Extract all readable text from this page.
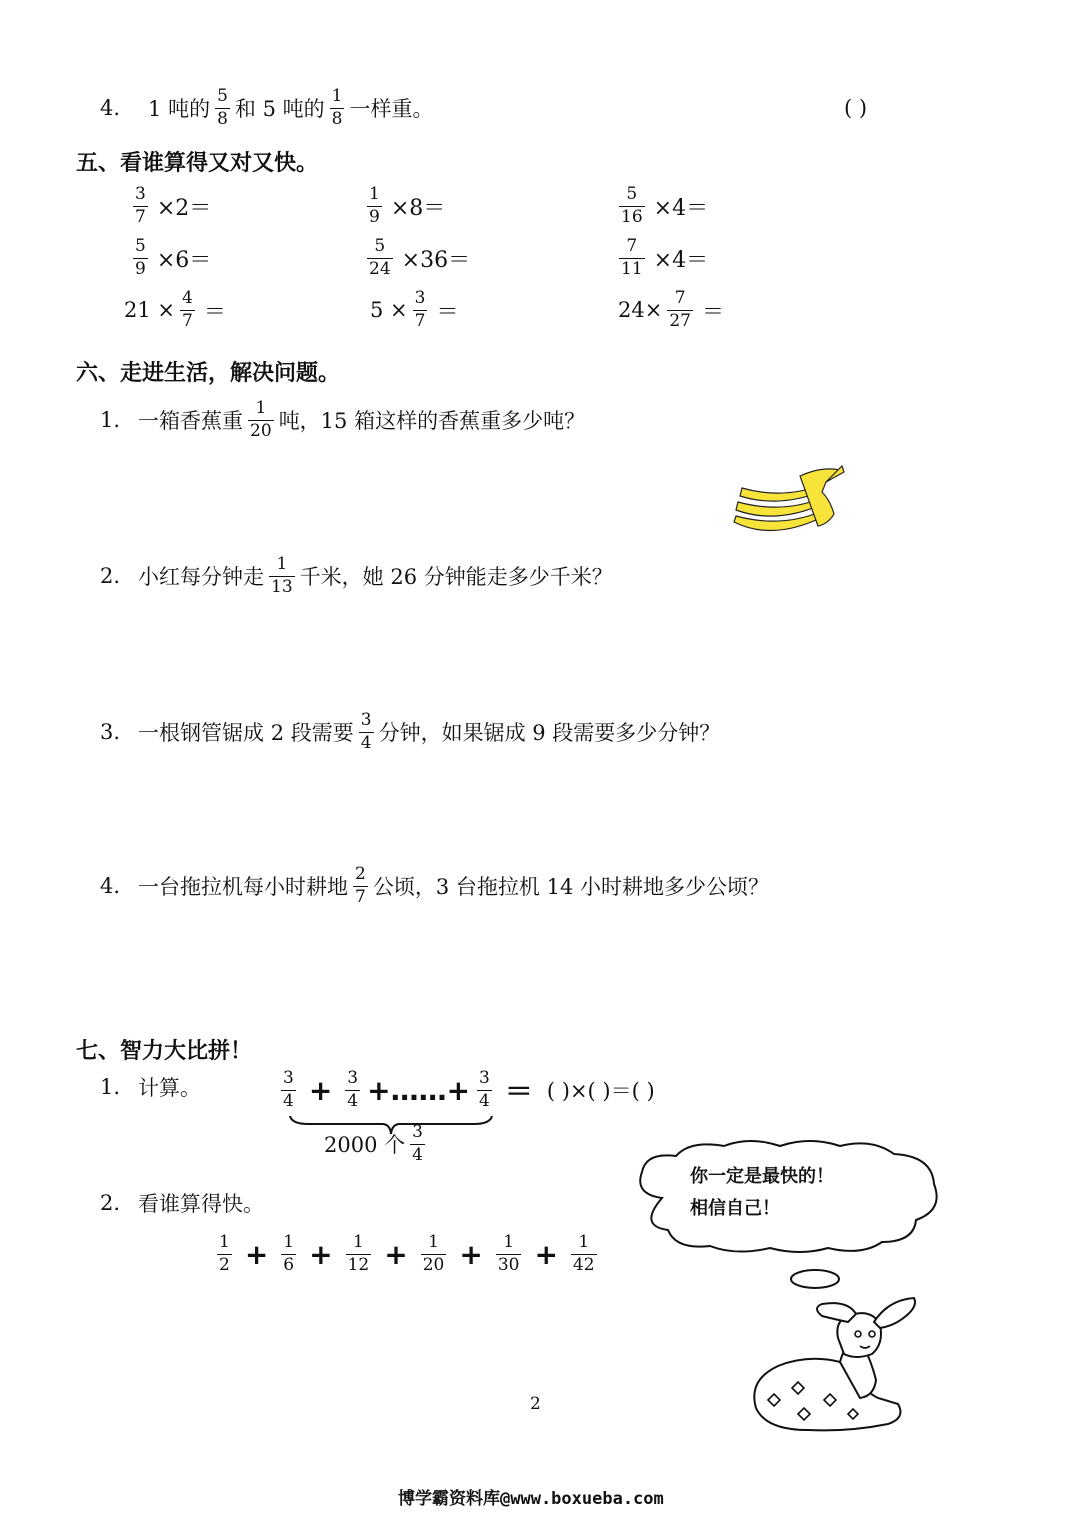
4. 1 吨的 $\frac{5}{8}$ 和 5 吨的 $\frac{1}{8}$ 一样重。	( )
五、看谁算得又对又快。
$\frac{3}{7} \times 2=$	$\frac{1}{9} \times 8=$	$\frac{5}{16} \times 4=$
$\frac{5}{9} \times 6=$	$\frac{5}{24} \times 36=$	$\frac{7}{11} \times 4=$
$21 \times \frac{4}{7}$ ＝	$5 \times \frac{3}{7}$ ＝	$24\times \frac{7}{27}$ ＝
六、走进生活，解决问题。
1. 一箱香蕉重 $\frac{1}{20}$ 吨，15 箱这样的香蕉重多少吨？
2. 小红每分钟走 $\frac{1}{13}$ 千米，她 26 分钟能走多少千米？
3. 一根钢管锯成 2 段需要 $\frac{3}{4}$ 分钟，如果锯成 9 段需要多少分钟？
4. 一台拖拉机每小时耕地 $\frac{2}{7}$ 公顷，3 台拖拉机 14 小时耕地多少公顷？
七、智力大比拼！
1. 计算。	$\frac{3}{4} + \frac{3}{4}$ +……+ $\frac{3}{4}$ ＝ ( )×( )＝( )
2000 个 $\frac{3}{4}$
2. 看谁算得快。
$\frac{1}{2} + \frac{1}{6} + \frac{1}{12} + \frac{1}{20} + \frac{1}{30} + \frac{1}{42}$
你一定是最快的！
相信自己！
2
博学霸资料库@www.boxueba.com
